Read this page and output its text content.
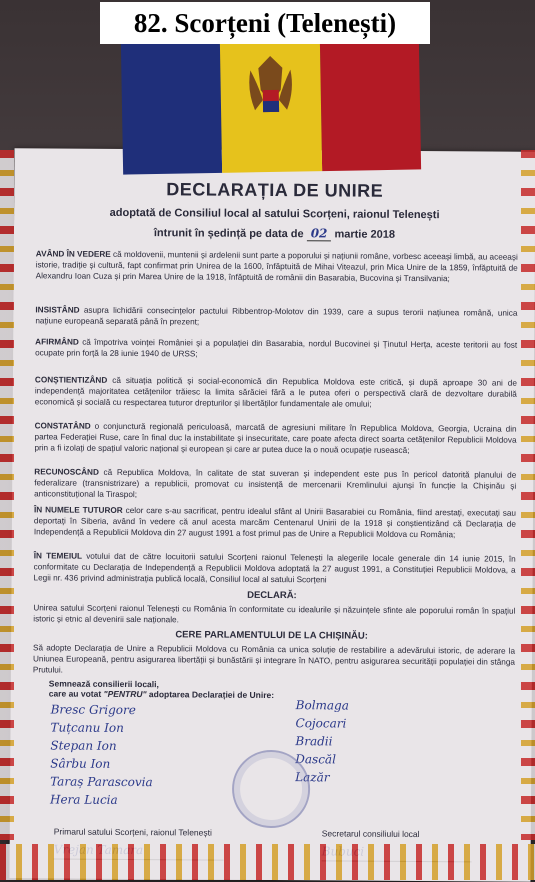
82. Scorțeni (Telenești)
DECLARAȚIA DE UNIRE
adoptată de Consiliul local al satului Scorțeni, raionul Telenești
întrunit în ședință pe data de 02 martie 2018
AVÂND ÎN VEDERE că moldovenii, muntenii și ardelenii sunt parte a poporului și națiunii române, vorbesc aceeași limbă, au aceeași istorie, tradiție și cultură, fapt confirmat prin Unirea de la 1600, înfăptuită de Mihai Viteazul, prin Mica Unire de la 1859, înfăptuită de Alexandru Ioan Cuza și prin Marea Unire de la 1918, înfăptuită de românii din Basarabia, Bucovina și Transilvania;
INSISTÂND asupra lichidării consecințelor pactului Ribbentrop-Molotov din 1939, care a supus terorii națiunea română, unica națiune europeană separată până în prezent;
AFIRMÂND că împotriva voinței României și a populației din Basarabia, nordul Bucovinei și Ținutul Herța, aceste teritorii au fost ocupate prin forță la 28 iunie 1940 de URSS;
CONȘTIENTIZÂND că situația politică și social-economică din Republica Moldova este critică, și după aproape 30 ani de independență majoritatea cetățenilor trăiesc la limita sărăciei fără a le putea oferi o perspectivă clară de dezvoltare durabilă economică și socială cu respectarea tuturor drepturilor și libertăților fundamentale ale omului;
CONSTATÂND o conjunctură regională periculoasă, marcată de agresiuni militare în Republica Moldova, Georgia, Ucraina din partea Federației Ruse, care în final duc la instabilitate și insecuritate, care poate afecta direct soarta cetățenilor Republicii Moldova prin a fi izolați de spațiul valoric național și european și care ar putea duce la o nouă ocupație rusească;
RECUNOSCÂND că Republica Moldova, în calitate de stat suveran și independent este pus în pericol datorită planului de federalizare (transnistrizare) a republicii, promovat cu insistență de mercenarii Kremlinului ajunși în funcție la Chișinău și anticonstituțional la Tiraspol;
ÎN NUMELE TUTUROR celor care s-au sacrificat, pentru idealul sfânt al Unirii Basarabiei cu România, fiind arestați, executați sau deportați în Siberia, având în vedere că anul acesta marcăm Centenarul Unirii de la 1918 și conștientizând că Declarația de Independență a Republicii Moldova din 27 august 1991 a fost primul pas de Unire a Republicii Moldova cu România;
ÎN TEMEIUL votului dat de către locuitorii satului Scorțeni raionul Telenești la alegerile locale generale din 14 iunie 2015, în conformitate cu Declarația de Independență a Republicii Moldova adoptată la 27 august 1991, a Constituției Republicii Moldova, a Legii nr. 436 privind administrația publică locală, Consiliul local al satului Scorțeni
DECLARĂ:
Unirea satului Scorțeni raionul Telenești cu România în conformitate cu idealurile și năzuințele sfinte ale poporului român în spațiul istoric și etnic al devenirii sale naționale.
CERE PARLAMENTULUI DE LA CHIȘINĂU:
Să adopte Declarația de Unire a Republicii Moldova cu România ca unica soluție de restabilire a adevărului istoric, de aderare la Uniunea Europeană, pentru asigurarea libertății și bunăstării și integrare în NATO, pentru asigurarea securității populației din stânga Prutului.
Semnează consilierii locali,
care au votat "PENTRU" adoptarea Declarației de Unire:
Bresc Grigore
Tuțcanu Ion
Stepan Ion
Sârbu Ion
Taraș Parascovia
Hera Lucia
Bolmaga
Cojocari
Bradii
Dascăl
Lazăr
Primarul satului Scorțeni, raionul Telenești	Secretarul consiliului local
